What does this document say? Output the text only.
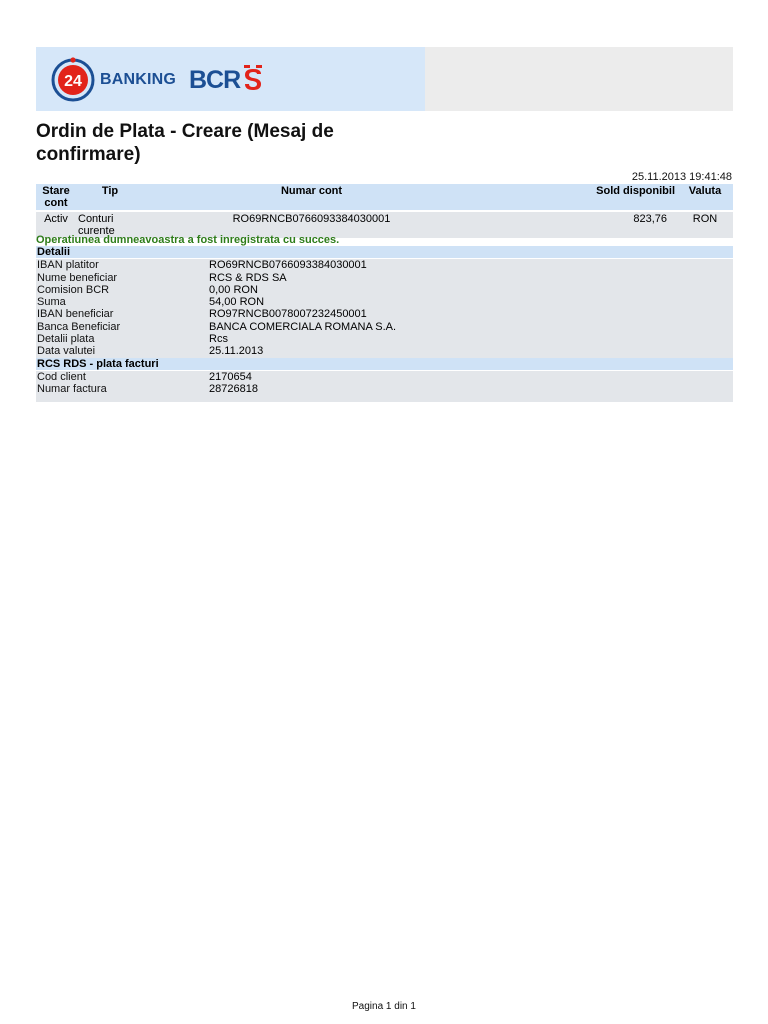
24 BANKING BCR
Ordin de Plata - Creare (Mesaj de confirmare)
25.11.2013 19:41:48
Stare cont	Tip	Numar cont	Sold disponibil	Valuta

Activ	Conturi curente	RO69RNCB0766093384030001	823,76	RON
Operatiunea dumneavoastra a fost inregistrata cu succes.
Detalii	

IBAN platitor	RO69RNCB0766093384030001
Nume beneficiar	RCS & RDS SA
Comision BCR	0,00 RON
Suma	54,00 RON
IBAN beneficiar	RO97RNCB0078007232450001
Banca Beneficiar	BANCA COMERCIALA ROMANA S.A.
Detalii plata	Rcs
Data valutei	25.11.2013
RCS RDS - plata facturi	

Cod client	2170654
Numar factura	28726818

Pagina 1 din 1
